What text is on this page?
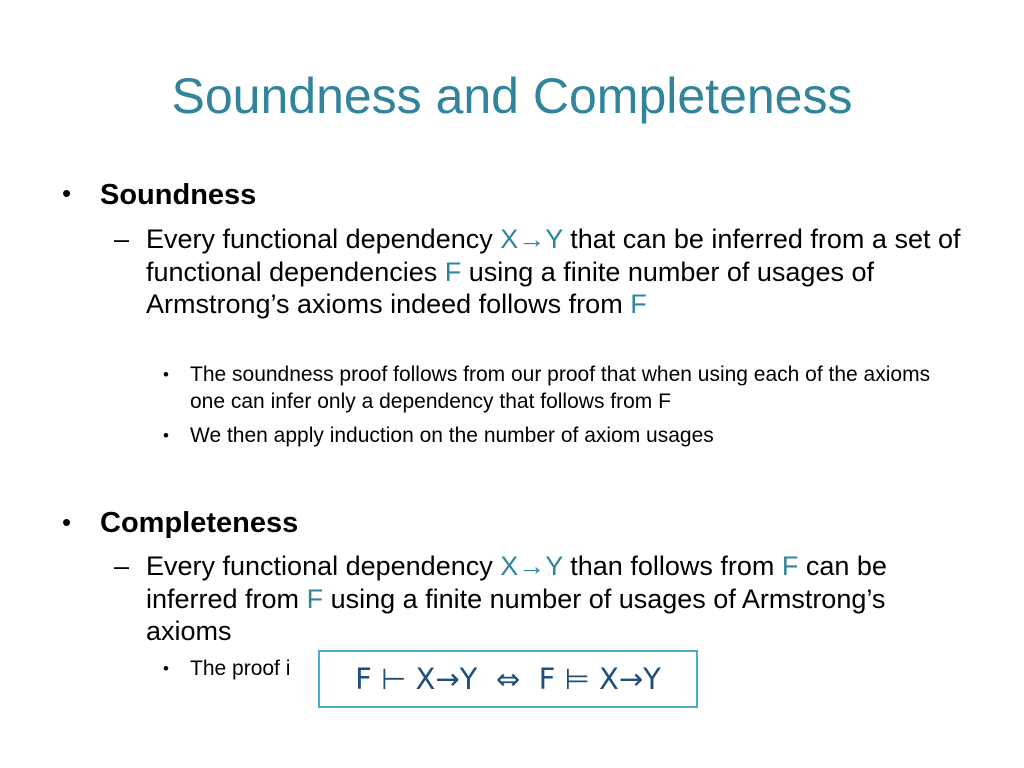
Soundness and Completeness
• Soundness
– Every functional dependency X→Y that can be inferred from a set of functional dependencies F using a finite number of usages of Armstrong’s axioms indeed follows from F
• The soundness proof follows from our proof that when using each of the axioms one can infer only a dependency that follows from F
• We then apply induction on the number of axiom usages
• Completeness
– Every functional dependency X→Y than follows from F can be inferred from F using a finite number of usages of Armstrong’s axioms
• The proof i	F ⊢ X→Y  ⇔  F ⊨ X→Y
